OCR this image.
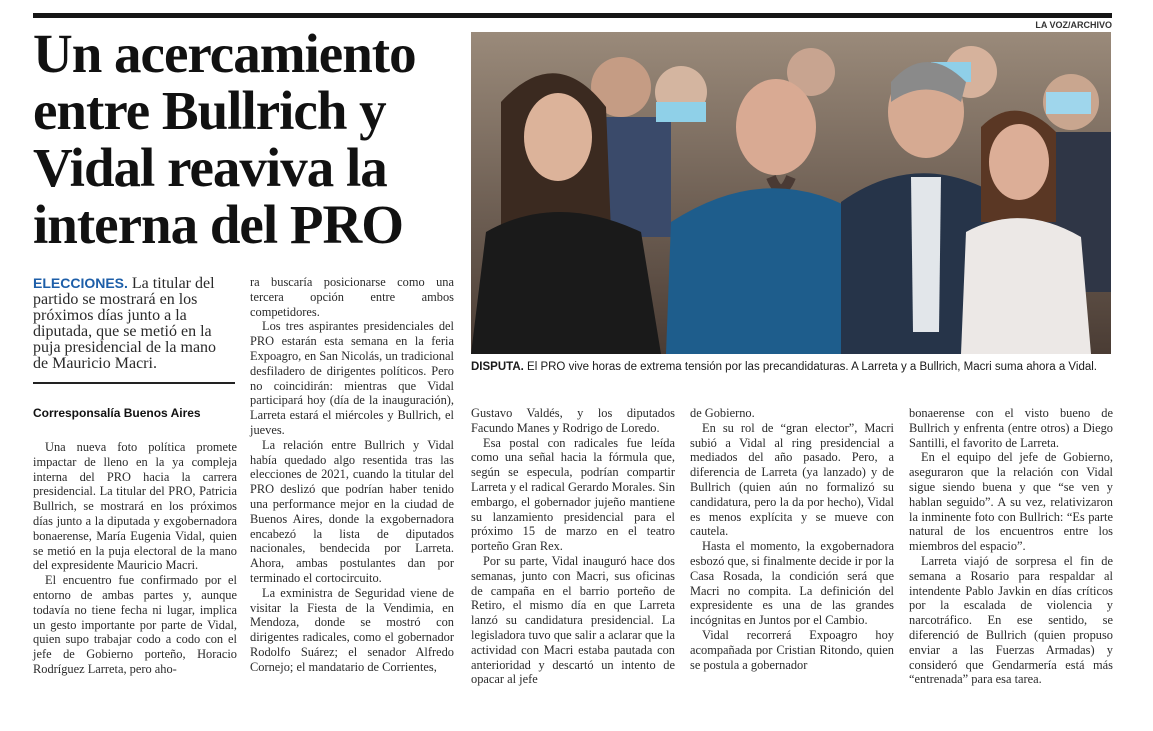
LA VOZ/ARCHIVO
Un acercamiento entre Bullrich y Vidal reaviva la interna del PRO
DISPUTA. El PRO vive horas de extrema tensión por las precandidaturas. A Larreta y a Bullrich, Macri suma ahora a Vidal.
ELECCIONES. La titular del partido se mostrará en los próximos días junto a la diputada, que se metió en la puja presidencial de la mano de Mauricio Macri.
Corresponsalía Buenos Aires

Una nueva foto política promete impactar de lleno en la ya compleja interna del PRO hacia la carrera presidencial. La titular del PRO, Patricia Bullrich, se mostrará en los próximos días junto a la diputada y exgobernadora bonaerense, María Eugenia Vidal, quien se metió en la puja electoral de la mano del expresidente Mauricio Macri.

El encuentro fue confirmado por el entorno de ambas partes y, aunque todavía no tiene fecha ni lugar, implica un gesto importante por parte de Vidal, quien supo trabajar codo a codo con el jefe de Gobierno porteño, Horacio Rodríguez Larreta, pero aho-

ra buscaría posicionarse como una tercera opción entre ambos competidores.

Los tres aspirantes presidenciales del PRO estarán esta semana en la feria Expoagro, en San Nicolás, un tradicional desfiladero de dirigentes políticos. Pero no coincidirán: mientras que Vidal participará hoy (día de la inauguración), Larreta estará el miércoles y Bullrich, el jueves.

La relación entre Bullrich y Vidal había quedado algo resentida tras las elecciones de 2021, cuando la titular del PRO deslizó que podrían haber tenido una performance mejor en la ciudad de Buenos Aires, donde la exgobernadora encabezó la lista de diputados nacionales, bendecida por Larreta. Ahora, ambas postulantes dan por terminado el cortocircuito.

La exministra de Seguridad viene de visitar la Fiesta de la Vendimia, en Mendoza, donde se mostró con dirigentes radicales, como el gobernador Rodolfo Suárez; el senador Alfredo Cornejo; el mandatario de Corrientes,

Gustavo Valdés, y los diputados Facundo Manes y Rodrigo de Loredo.

Esa postal con radicales fue leída como una señal hacia la fórmula que, según se especula, podrían compartir Larreta y el radical Gerardo Morales. Sin embargo, el gobernador jujeño mantiene su lanzamiento presidencial para el próximo 15 de marzo en el teatro porteño Gran Rex.

Por su parte, Vidal inauguró hace dos semanas, junto con Macri, sus oficinas de campaña en el barrio porteño de Retiro, el mismo día en que Larreta lanzó su candidatura presidencial. La legisladora tuvo que salir a aclarar que la actividad con Macri estaba pautada con anterioridad y descartó un intento de opacar al jefe

de Gobierno.

En su rol de “gran elector”, Macri subió a Vidal al ring presidencial a mediados del año pasado. Pero, a diferencia de Larreta (ya lanzado) y de Bullrich (quien aún no formalizó su candidatura, pero la da por hecho), Vidal es menos explícita y se mueve con cautela.

Hasta el momento, la exgobernadora esbozó que, si finalmente decide ir por la Casa Rosada, la condición será que Macri no compita. La definición del expresidente es una de las grandes incógnitas en Juntos por el Cambio.

Vidal recorrerá Expoagro hoy acompañada por Cristian Ritondo, quien se postula a gobernador

bonaerense con el visto bueno de Bullrich y enfrenta (entre otros) a Diego Santilli, el favorito de Larreta.

En el equipo del jefe de Gobierno, aseguraron que la relación con Vidal sigue siendo buena y que “se ven y hablan seguido”. A su vez, relativizaron la inminente foto con Bullrich: “Es parte natural de los encuentros entre los miembros del espacio”.

Larreta viajó de sorpresa el fin de semana a Rosario para respaldar al intendente Pablo Javkin en días críticos por la escalada de violencia y narcotráfico. En ese sentido, se diferenció de Bullrich (quien propuso enviar a las Fuerzas Armadas) y consideró que Gendarmería está más “entrenada” para esa tarea.
